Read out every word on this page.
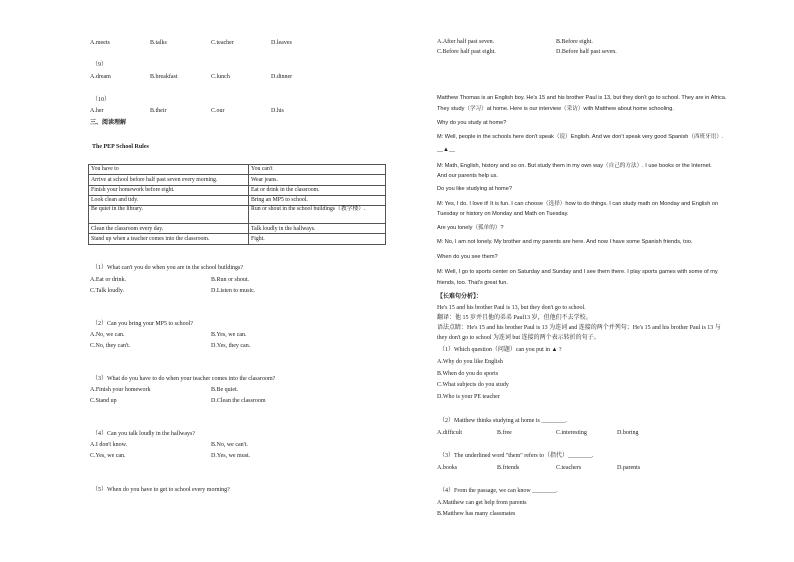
A.meets	B.talks	C.teacher	D.leaves
（9）
A.dream	B.breakfast	C.lunch	D.dinner
（10）
A.her	B.their	C.our	D.his
三、阅读理解
The PEP School Rules
You have to	You can't
Arrive at school before half past seven every morning.	Wear jeans.
Finish your homework before eight.	Eat or drink in the classroom.
Look clean and tidy.	Bring an MP5 to school.
Be quiet in the library.	Run or shout in the school buildings（教学楼）.
Clean the classroom every day.	Talk loudly in the hallways.
Stand up when a teacher comes into the classroom.	Fight.
（1）What can't you do when you are in the school buildings?
A.Eat or drink.	B.Run or shout.
C.Talk loudly.	D.Listen to music.
（2）Can you bring your MP5 to school?
A.No, we can.	B.Yes, we can.
C.No, they can't.	D.Yes, they can.
（3）What do you have to do when your teacher comes into the classroom?
A.Finish your homework	B.Be quiet.
C.Stand up	D.Clean the classroom
（4）Can you talk loudly in the hallways?
A.I don't know.	B.No, we can't.
C.Yes, we can.	D.Yes, we must.
（5）When do you have to get to school every morning?
A.After half past seven.	B.Before eight.
C.Before half past eight.	D.Before half past seven.
Matthew Thomas is an English boy. He's 15 and his brother Paul is 13, but they don't go to school. They are in Africa.
They study（学习）at home. Here is our interview（采访）with Matthew about home schooling.
Why do you study at home?
M: Well, people in the schools here don't speak（说）English. And we don't speak very good Spanish（西班牙语）.
__▲__
M: Math, English, history and so on. But study them in my own way（自己的方法）. I use books or the Internet.
And our parents help us.
Do you like studying at home?
M: Yes, I do. I love it! It is fun. I can choose（选择）how to do things. I can study math on Monday and English on
Tuesday or history on Monday and Math on Tuesday.
Are you lonely（孤单的）?
M: No, I am not lonely. My brother and my parents are here. And now I have some Spanish friends, too.
When do you see them?
M: Well, I go to sports center on Saturday and Sunday and I see them there. I play sports games with some of my
friends, too. That's great fun.
【长难句分析】：
He's 15 and his brother Paul is 13, but they don't go to school.
翻译：他 15 岁并且他的弟弟 Paul13 岁，但他们不去学校。
语法点睛：He's 15 and his brother Paul is 13 为连词 and 连接的两个并列句；He's 15 and his brother Paul is 13 与
they don't go to school 为连词 but 连接的两个表示转折的句子。
（1）Which question（问题）can you put in ▲ ?
A.Why do you like English
B.When do you do sports
C.What subjects do you study
D.Who is your PE teacher
（2）Matthew thinks studying at home is ________.
A.difficult	B.free	C.interesting	D.boring
（3）The underlined word "them" refers to（指代）________.
A.books	B.friends	C.teachers	D.parents
（4）From the passage, we can know ________.
A.Matthew can get help from parents
B.Matthew has many classmates
